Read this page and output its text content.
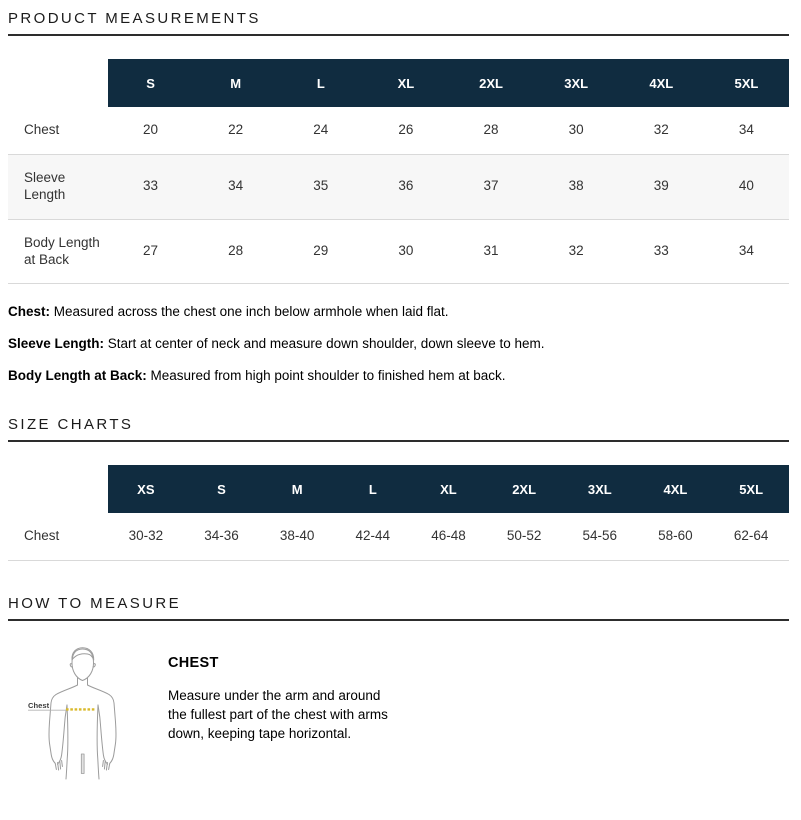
PRODUCT MEASUREMENTS
	S	M	L	XL	2XL	3XL	4XL	5XL
Chest	20	22	24	26	28	30	32	34
Sleeve Length	33	34	35	36	37	38	39	40
Body Length at Back	27	28	29	30	31	32	33	34

Chest: Measured across the chest one inch below armhole when laid flat.

Sleeve Length: Start at center of neck and measure down shoulder, down sleeve to hem.

Body Length at Back: Measured from high point shoulder to finished hem at back.

SIZE CHARTS
	XS	S	M	L	XL	2XL	3XL	4XL	5XL
Chest	30-32	34-36	38-40	42-44	46-48	50-52	54-56	58-60	62-64
HOW TO MEASURE
Chest
CHEST

Measure under the arm and around the fullest part of the chest with arms down, keeping tape horizontal.
